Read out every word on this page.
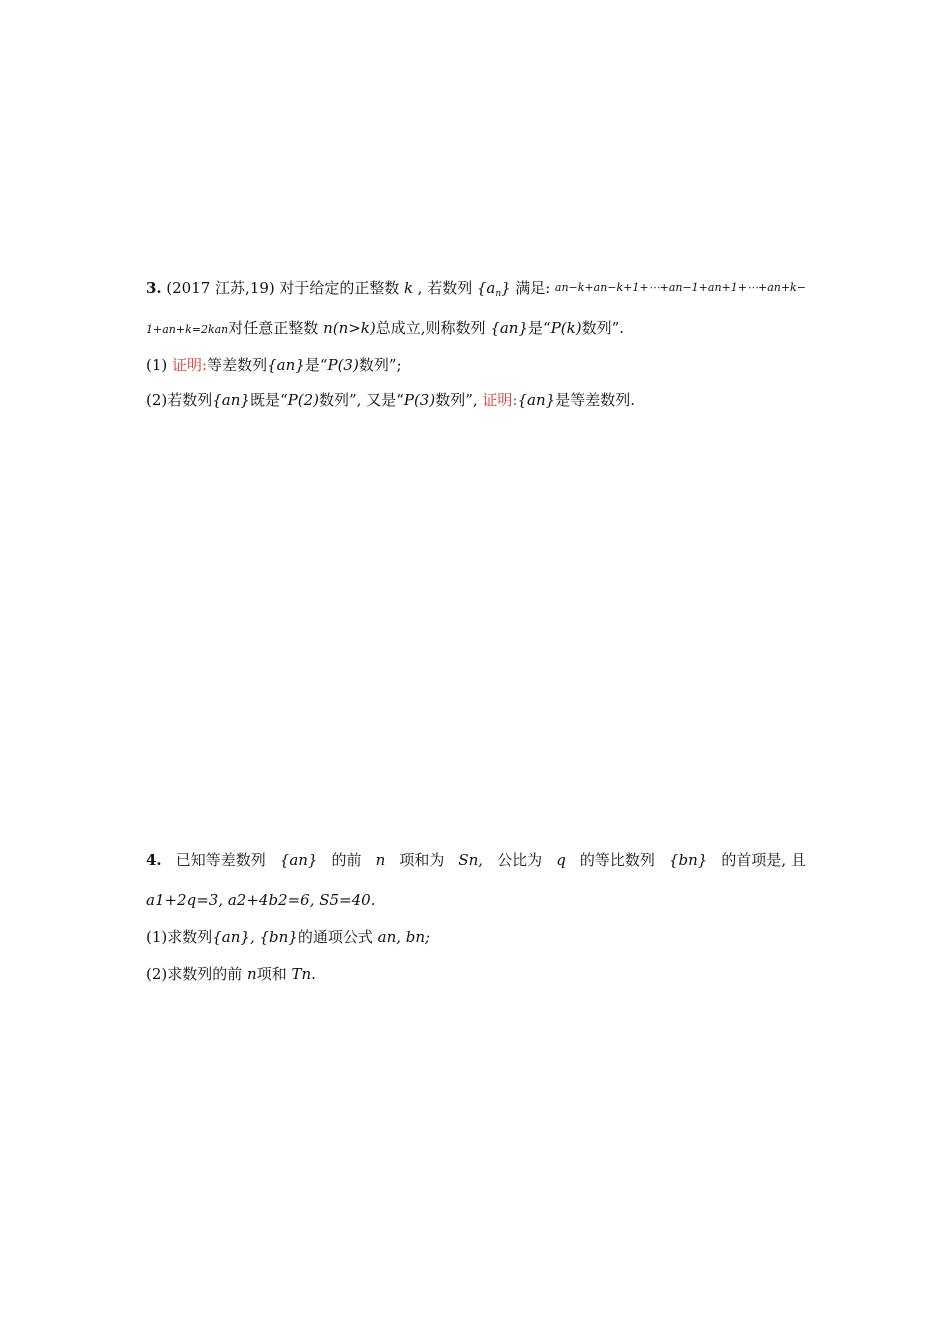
3. (2017 江苏,19) 对于给定的正整数 k , 若数列 $\{a_n\}$ 满足: an−k+an−k+1+⋯+an−1+an+1+⋯+an+k−
1+an+k=2kan对任意正整数 n(n>k)总成立,则称数列 {an}是“P(k)数列”.
(1) 证明:等差数列{an}是“P(3)数列”;
(2)若数列{an}既是“P(2)数列”, 又是“P(3)数列”, 证明:{an}是等差数列.
4. 已知等差数列 {an} 的前 n 项和为 Sn, 公比为 q 的等比数列 {bn} 的首项是, 且
a1+2q=3, a2+4b2=6, S5=40.
(1)求数列{an}, {bn}的通项公式 an, bn;
(2)求数列的前 n项和 Tn.
